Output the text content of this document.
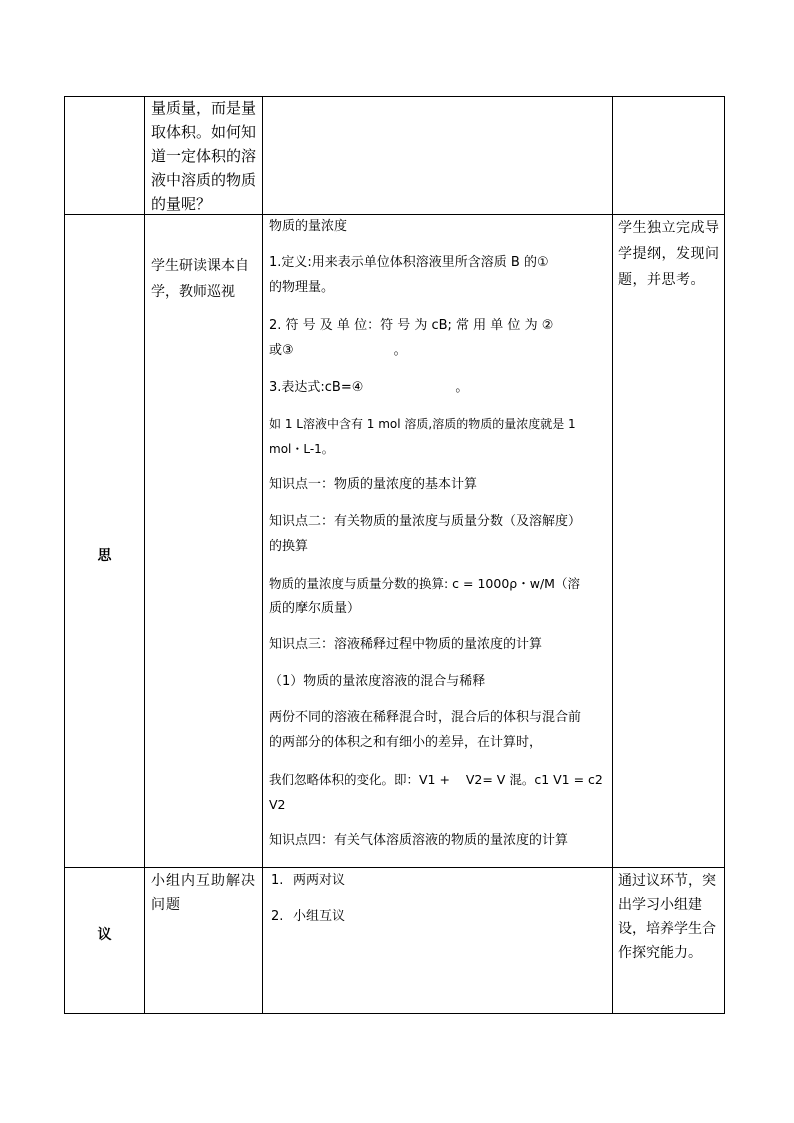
量质量，而是量取体积。如何知道一定体积的溶液中溶质的物质的量呢？
思
学生研读课本自学，教师巡视
物质的量浓度
1.定义:用来表示单位体积溶液里所含溶质 B 的①
的物理量。
2. 符 号 及 单 位：符 号 为 cB; 常 用 单 位 为 ②
或③	。
3.表达式:cB=④	。
如 1 L溶液中含有 1 mol 溶质,溶质的物质的量浓度就是 1
mol・L-1。
知识点一：物质的量浓度的基本计算
知识点二：有关物质的量浓度与质量分数（及溶解度）
的换算
物质的量浓度与质量分数的换算: c = 1000ρ・w/M（溶
质的摩尔质量）
知识点三：溶液稀释过程中物质的量浓度的计算
（1）物质的量浓度溶液的混合与稀释
两份不同的溶液在稀释混合时，混合后的体积与混合前
的两部分的体积之和有细小的差异，在计算时，
我们忽略体积的变化。即：V1 +    V2= V 混。c1 V1 = c2
V2
知识点四：有关气体溶质溶液的物质的量浓度的计算
学生独立完成导学提纲，发现问题，并思考。
议
小组内互助解决问题
1. 两两对议
2. 小组互议
通过议环节，突出学习小组建设，培养学生合作探究能力。
